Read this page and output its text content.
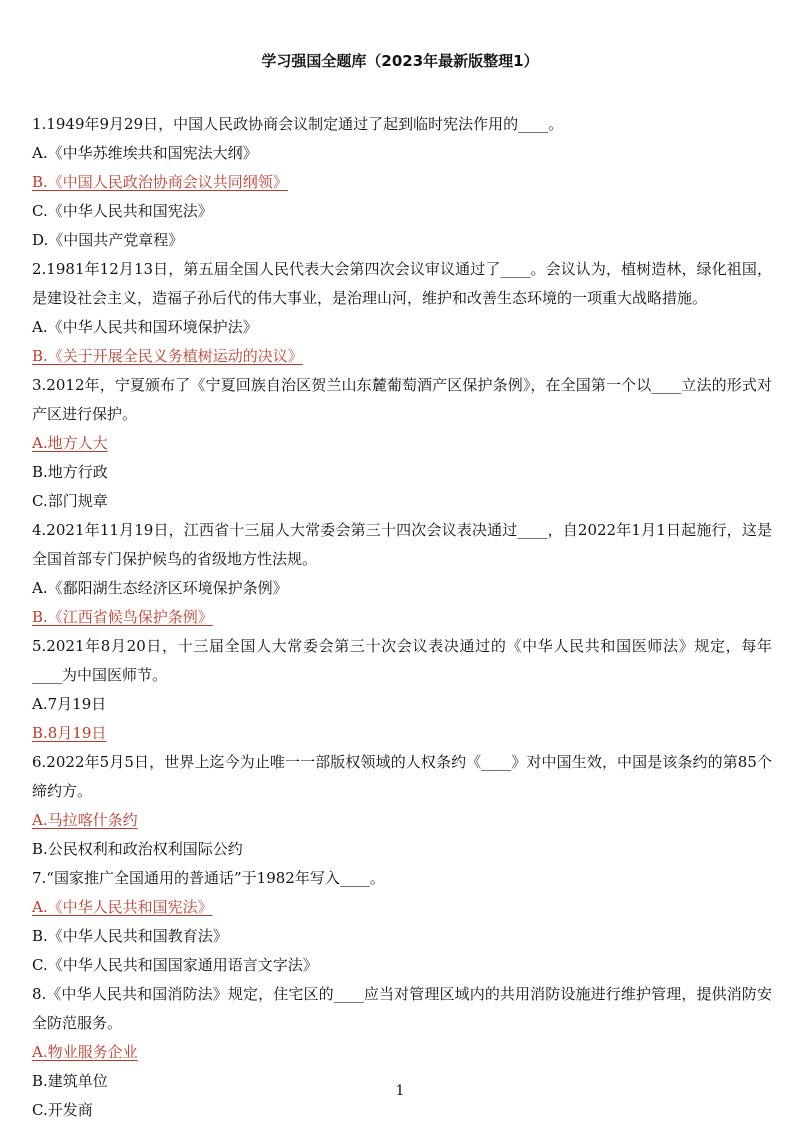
学习强国全题库（2023年最新版整理1）

1.1949年9月29日，中国人民政协商会议制定通过了起到临时宪法作用的____。

A.《中华苏维埃共和国宪法大纲》

B.《中国人民政治协商会议共同纲领》

C.《中华人民共和国宪法》

D.《中国共产党章程》

2.1981年12月13日，第五届全国人民代表大会第四次会议审议通过了____。会议认为，植树造林，绿化祖国，是建设社会主义，造福子孙后代的伟大事业，是治理山河，维护和改善生态环境的一项重大战略措施。

A.《中华人民共和国环境保护法》

B.《关于开展全民义务植树运动的决议》

3.2012年，宁夏颁布了《宁夏回族自治区贺兰山东麓葡萄酒产区保护条例》，在全国第一个以____立法的形式对产区进行保护。

A.地方人大

B.地方行政

C.部门规章

4.2021年11月19日，江西省十三届人大常委会第三十四次会议表决通过____，自2022年1月1日起施行，这是全国首部专门保护候鸟的省级地方性法规。

A.《鄱阳湖生态经济区环境保护条例》

B.《江西省候鸟保护条例》

5.2021年8月20日，十三届全国人大常委会第三十次会议表决通过的《中华人民共和国医师法》规定，每年____为中国医师节。

A.7月19日

B.8月19日

6.2022年5月5日，世界上迄今为止唯一一部版权领域的人权条约《____》对中国生效，中国是该条约的第85个缔约方。

A.马拉喀什条约

B.公民权利和政治权利国际公约

7.“国家推广全国通用的普通话”于1982年写入____。

A.《中华人民共和国宪法》

B.《中华人民共和国教育法》

C.《中华人民共和国国家通用语言文字法》

8.《中华人民共和国消防法》规定，住宅区的____应当对管理区域内的共用消防设施进行维护管理，提供消防安全防范服务。

A.物业服务企业

B.建筑单位

C.开发商

1
